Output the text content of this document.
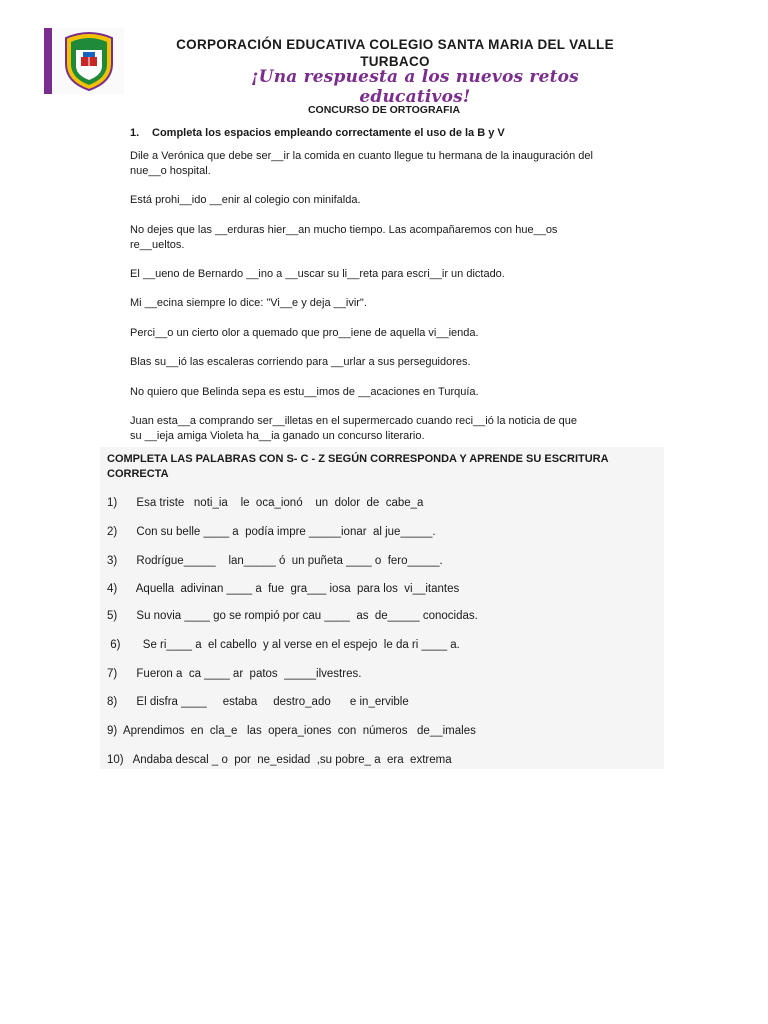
CORPORACIÓN EDUCATIVA COLEGIO SANTA MARIA DEL VALLE
TURBACO
¡Una respuesta a los nuevos retos educativos!
CONCURSO DE ORTOGRAFIA
1. Completa los espacios empleando correctamente el uso de la B y V
Dile a Verónica que debe ser__ir la comida en cuanto llegue tu hermana de la inauguración del
nue__o hospital.
Está prohi__ido __enir al colegio con minifalda.
No dejes que las __erduras hier__an mucho tiempo. Las acompañaremos con hue__os
re__ueltos.
El __ueno de Bernardo __ino a __uscar su li__reta para escri__ir un dictado.
Mi __ecina siempre lo dice: "Vi__e y deja __ivir".
Perci__o un cierto olor a quemado que pro__iene de aquella vi__ienda.
Blas su__ió las escaleras corriendo para __urlar a sus perseguidores.
No quiero que Belinda sepa es estu__imos de __acaciones en Turquía.
Juan esta__a comprando ser__illetas en el supermercado cuando reci__ió la noticia de que
su __ieja amiga Violeta ha__ia ganado un concurso literario.
COMPLETA LAS PALABRAS CON S- C - Z SEGÚN CORRESPONDA Y APRENDE SU ESCRITURA
CORRECTA
1)      Esa triste   noti_ia    le  oca_ionó    un  dolor  de  cabe_a
2)      Con su belle ____ a  podía impre _____ionar  al jue_____.
3)      Rodrígue_____    lan_____ ó  un puñeta ____ o  fero_____.
4)      Aquella  adivinan ____ a  fue  gra___ iosa  para los  vi__itantes
5)      Su novia ____ go se rompió por cau ____  as  de_____ conocidas.
6)       Se ri____ a  el cabello  y al verse en el espejo  le da ri ____ a.
7)      Fueron a  ca ____ ar  patos  _____ilvestres.
8)      El disfra ____     estaba     destro_ado      e in_ervible
9)  Aprendimos  en  cla_e   las  opera_iones  con  números   de__imales
10)   Andaba descal _ o  por  ne_esidad  ,su pobre_ a  era  extrema
